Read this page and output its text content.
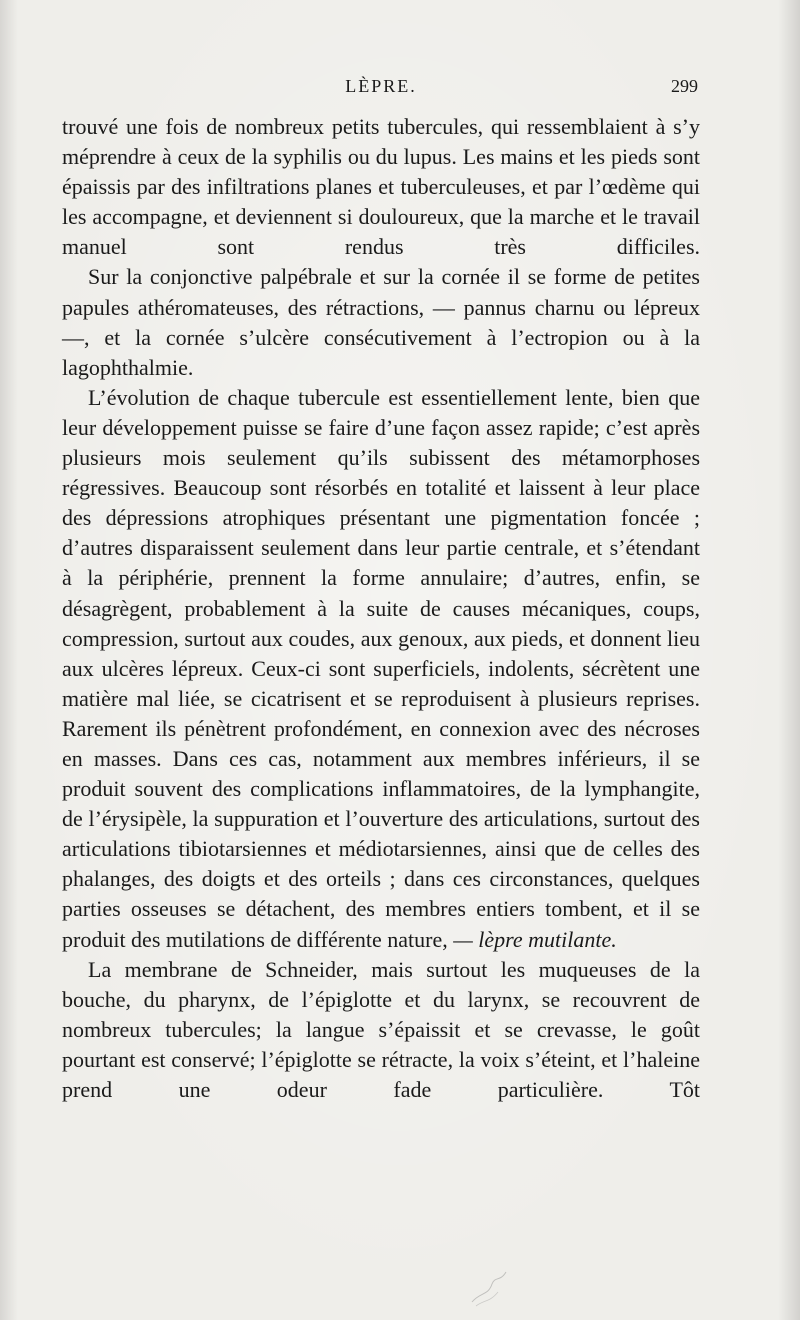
LÈPRE.	299

trouvé une fois de nombreux petits tubercules, qui ressemblaient à s’y méprendre à ceux de la syphilis ou du lupus. Les mains et les pieds sont épaissis par des infiltrations planes et tuberculeuses, et par l’œdème qui les accompagne, et deviennent si douloureux, que la marche et le travail manuel sont rendus très difficiles.

Sur la conjonctive palpébrale et sur la cornée il se forme de petites papules athéromateuses, des rétractions, — pannus charnu ou lépreux —, et la cornée s’ulcère consécutivement à l’ectropion ou à la lagophthalmie.

L’évolution de chaque tubercule est essentiellement lente, bien que leur développement puisse se faire d’une façon assez rapide; c’est après plusieurs mois seulement qu’ils subissent des métamorphoses régressives. Beaucoup sont résorbés en totalité et laissent à leur place des dépressions atrophiques présentant une pigmentation foncée ; d’autres disparaissent seulement dans leur partie centrale, et s’étendant à la périphérie, prennent la forme annulaire; d’autres, enfin, se désagrègent, probablement à la suite de causes mécaniques, coups, compression, surtout aux coudes, aux genoux, aux pieds, et donnent lieu aux ulcères lépreux. Ceux-ci sont superficiels, indolents, sécrètent une matière mal liée, se cicatrisent et se reproduisent à plusieurs reprises. Rarement ils pénètrent profondément, en connexion avec des nécroses en masses. Dans ces cas, notamment aux membres inférieurs, il se produit souvent des complications inflammatoires, de la lymphangite, de l’érysipèle, la suppuration et l’ouverture des articulations, surtout des articulations tibiotarsiennes et médiotarsiennes, ainsi que de celles des phalanges, des doigts et des orteils ; dans ces circonstances, quelques parties osseuses se détachent, des membres entiers tombent, et il se produit des mutilations de différente nature, — lèpre mutilante.

La membrane de Schneider, mais surtout les muqueuses de la bouche, du pharynx, de l’épiglotte et du larynx, se recouvrent de nombreux tubercules; la langue s’épaissit et se crevasse, le goût pourtant est conservé; l’épiglotte se rétracte, la voix s’éteint, et l’haleine prend une odeur fade particulière. Tôt
